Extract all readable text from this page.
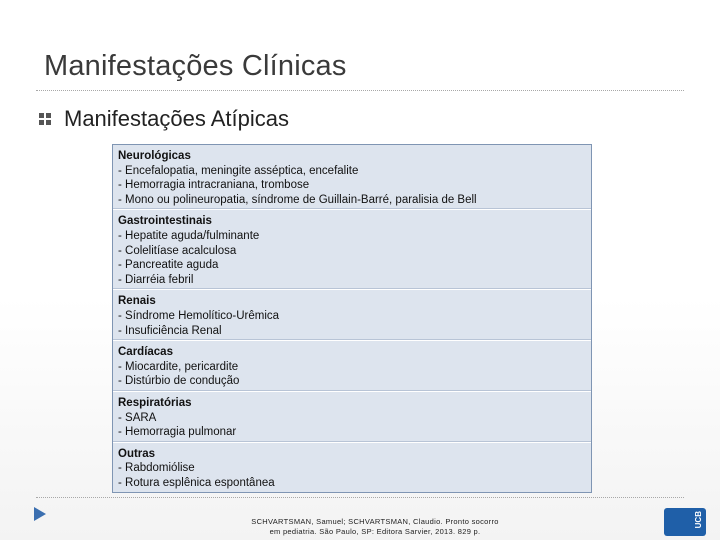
Manifestações Clínicas
Manifestações Atípicas
Neurológicas
- Encefalopatia, meningite asséptica, encefalite
- Hemorragia intracraniana, trombose
- Mono ou polineuropatia, síndrome de Guillain-Barré, paralisia de Bell
Gastrointestinais
- Hepatite aguda/fulminante
- Colelitíase acalculosa
- Pancreatite aguda
- Diarréia febril
Renais
- Síndrome Hemolítico-Urêmica
- Insuficiência Renal
Cardíacas
- Miocardite, pericardite
- Distúrbio de condução
Respiratórias
- SARA
- Hemorragia pulmonar
Outras
- Rabdomiólise
- Rotura esplênica espontânea
SCHVARTSMAN, Samuel; SCHVARTSMAN, Claudio. Pronto socorro
em pediatria. São Paulo, SP: Editora Sarvier, 2013. 829 p.
UCB
